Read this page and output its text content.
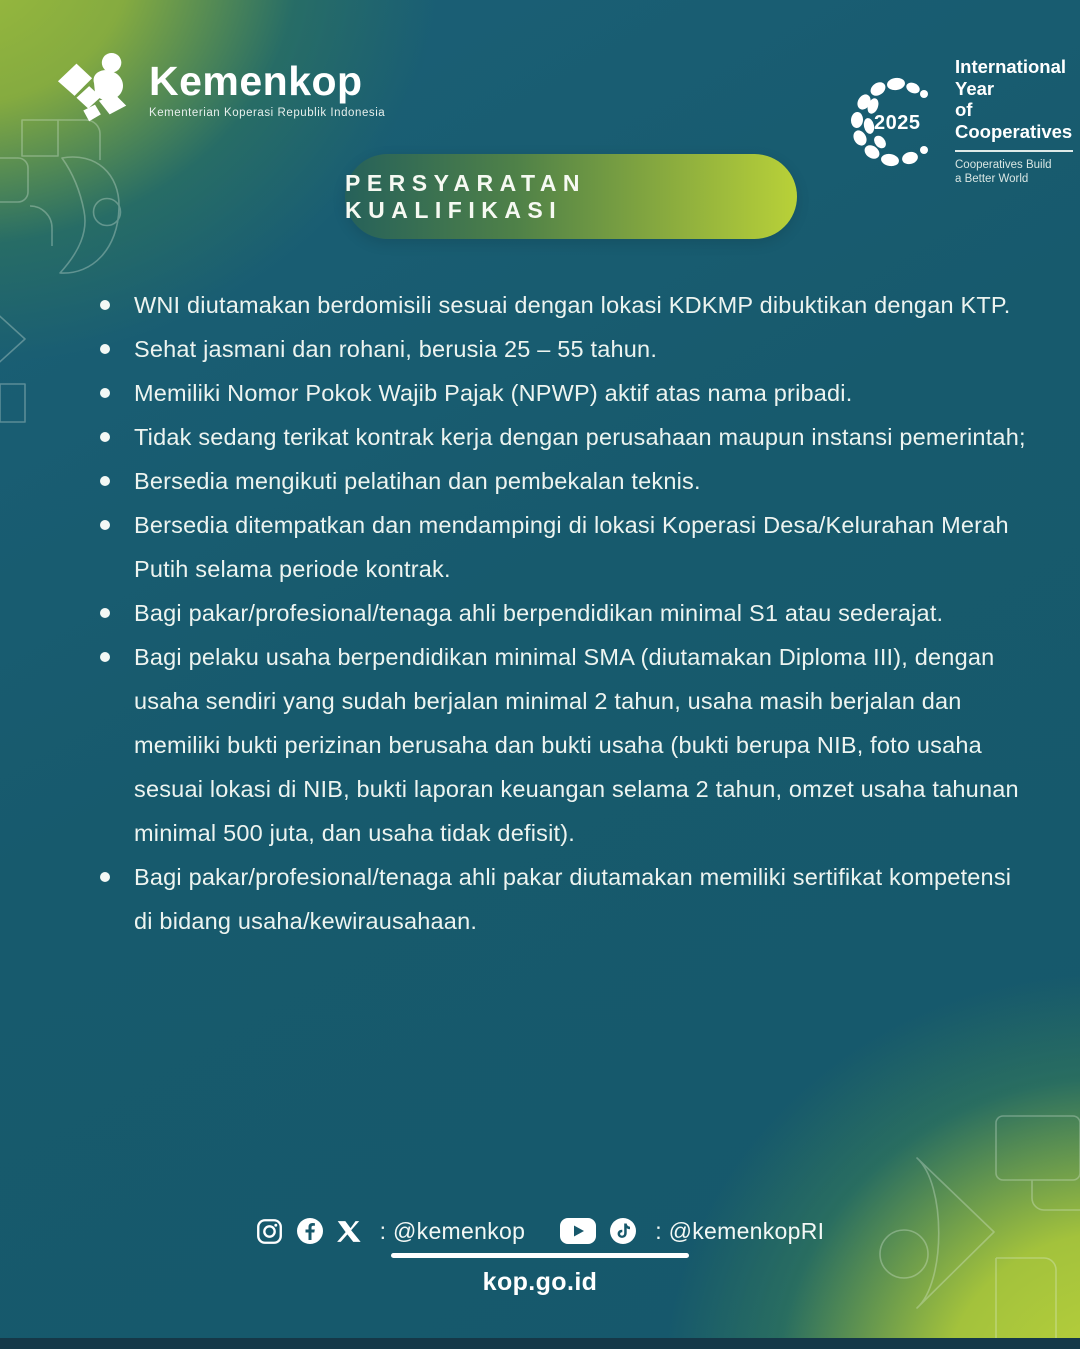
Kemenkop
Kementerian Koperasi Republik Indonesia	2025
International Year
of Cooperatives
Cooperatives Build
a Better World
PERSYARATAN KUALIFIKASI
WNI diutamakan berdomisili sesuai dengan lokasi KDKMP dibuktikan dengan KTP.
Sehat jasmani dan rohani, berusia 25 – 55 tahun.
Memiliki Nomor Pokok Wajib Pajak (NPWP) aktif atas nama pribadi.
Tidak sedang terikat kontrak kerja dengan perusahaan maupun instansi pemerintah;
Bersedia mengikuti pelatihan dan pembekalan teknis.
Bersedia ditempatkan dan mendampingi di lokasi Koperasi Desa/Kelurahan Merah Putih selama periode kontrak.
Bagi pakar/profesional/tenaga ahli berpendidikan minimal S1 atau sederajat.
Bagi pelaku usaha berpendidikan minimal SMA (diutamakan Diploma III), dengan usaha sendiri yang sudah berjalan minimal 2 tahun, usaha masih berjalan dan memiliki bukti perizinan berusaha dan bukti usaha (bukti berupa NIB, foto usaha sesuai lokasi di NIB, bukti laporan keuangan selama 2 tahun, omzet usaha tahunan minimal 500 juta, dan usaha tidak defisit).
Bagi pakar/profesional/tenaga ahli pakar diutamakan memiliki sertifikat kompetensi di bidang usaha/kewirausahaan.
: @kemenkop	: @kemenkopRI
kop.go.id
